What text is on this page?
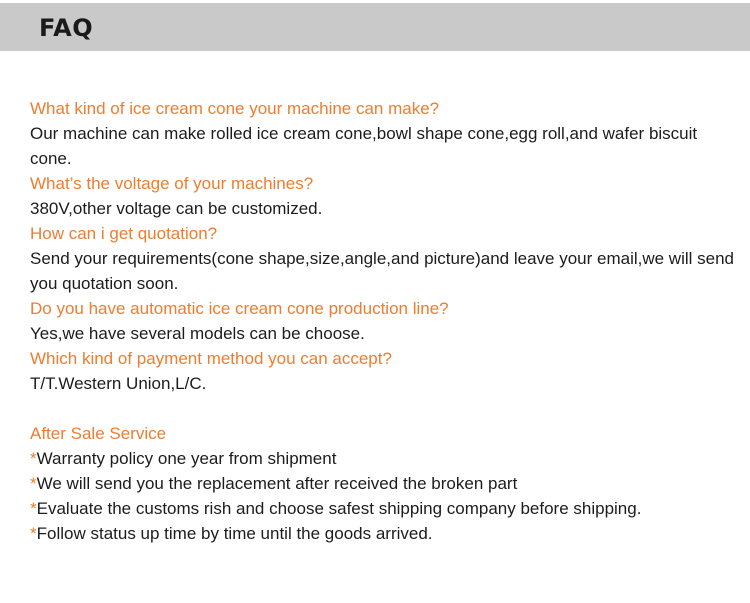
FAQ
What kind of ice cream cone your machine can make?
Our machine can make rolled ice cream cone,bowl shape cone,egg roll,and wafer biscuit cone.
What’s the voltage of your machines?
380V,other voltage can be customized.
How can i get quotation?
Send your requirements(cone shape,size,angle,and picture)and leave your email,we will send you quotation soon.
Do you have automatic ice cream cone production line?
Yes,we have several models can be choose.
Which kind of payment method you can accept?
T/T.Western Union,L/C.
After Sale Service
*Warranty policy one year from shipment
*We will send you the replacement after received the broken part
*Evaluate the customs rish and choose safest shipping company before shipping.
*Follow status up time by time until the goods arrived.
